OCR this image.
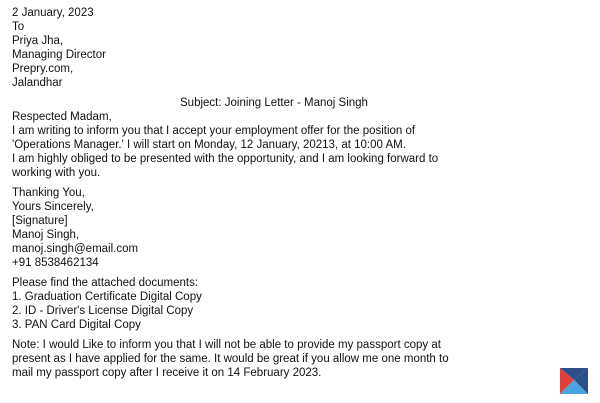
2 January, 2023
To
Priya Jha,
Managing Director
Prepry.com,
Jalandhar
Subject: Joining Letter - Manoj Singh
Respected Madam,
I am writing to inform you that I accept your employment offer for the position of
'Operations Manager.' I will start on Monday, 12 January, 20213, at 10:00 AM.
I am highly obliged to be presented with the opportunity, and I am looking forward to
working with you.
Thanking You,
Yours Sincerely,
[Signature]
Manoj Singh,
manoj.singh@email.com
+91 8538462134
Please find the attached documents:
1. Graduation Certificate Digital Copy
2. ID - Driver's License Digital Copy
3. PAN Card Digital Copy
Note: I would Like to inform you that I will not be able to provide my passport copy at
present as I have applied for the same. It would be great if you allow me one month to
mail my passport copy after I receive it on 14 February 2023.
